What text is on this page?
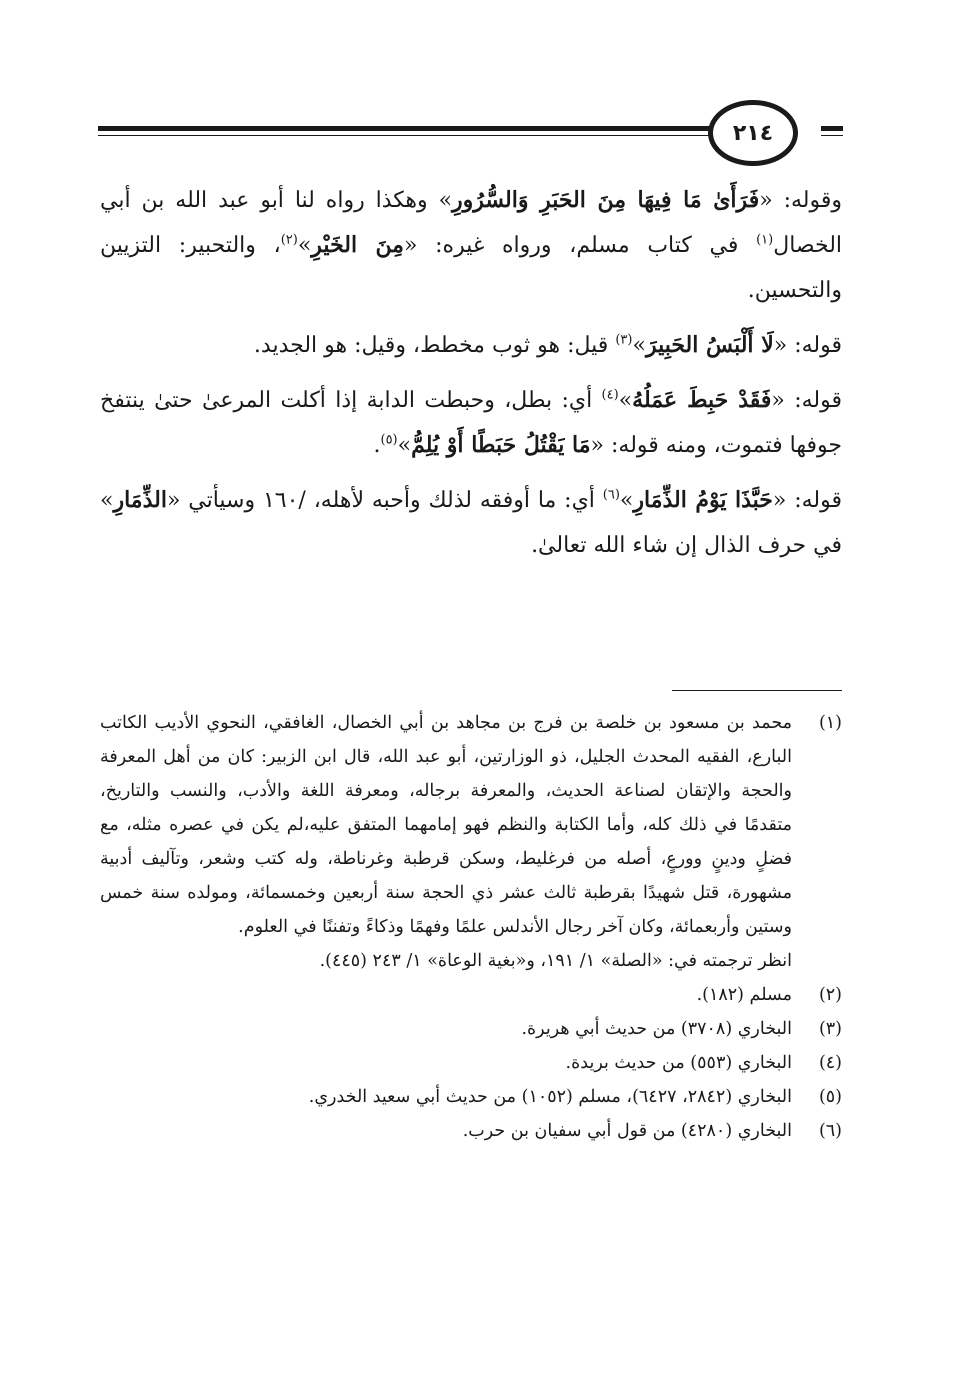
٢١٤

وقوله: «فَرَأَىٰ مَا فِيهَا مِنَ الحَبَرِ وَالسُّرُورِ» وهكذا رواه لنا أبو عبد الله بن أبي الخصال$^{(١)}$ في كتاب مسلم، ورواه غيره: «مِنَ الخَيْرِ»$^{(٢)}$، والتحبير: التزيين والتحسين.

قوله: «لَا أَلْبَسُ الحَبِيرَ»$^{(٣)}$ قيل: هو ثوب مخطط، وقيل: هو الجديد.

قوله: «فَقَدْ حَبِطَ عَمَلُهُ»$^{(٤)}$ أي: بطل، وحبطت الدابة إذا أكلت المرعىٰ حتىٰ ينتفخ جوفها فتموت، ومنه قوله: «مَا يَقْتُلُ حَبَطًا أَوْ يُلِمُّ»$^{(٥)}$.

قوله: «حَبَّذَا يَوْمُ الذِّمَارِ»$^{(٦)}$ أي: ما أوفقه لذلك وأحبه لأهله، ‎/١٦٠‎ وسيأتي «الذِّمَارِ» في حرف الذال إن شاء الله تعالىٰ.

(١)
محمد بن مسعود بن خلصة بن فرج بن مجاهد بن أبي الخصال، الغافقي، النحوي الأديب الكاتب البارع، الفقيه المحدث الجليل، ذو الوزارتين، أبو عبد الله، قال ابن الزبير: كان من أهل المعرفة والحجة والإتقان لصناعة الحديث، والمعرفة برجاله، ومعرفة اللغة والأدب، والنسب والتاريخ، متقدمًا في ذلك كله، وأما الكتابة والنظم فهو إمامهما المتفق عليه،لم يكن في عصره مثله، مع فضلٍ ودينٍ وورعٍ، أصله من فرغليط، وسكن قرطبة وغرناطة، وله كتب وشعر، وتآليف أدبية مشهورة، قتل شهيدًا بقرطبة ثالث عشر ذي الحجة سنة أربعين وخمسمائة، ومولده سنة خمس وستين وأربعمائة، وكان آخر رجال الأندلس علمًا وفهمًا وذكاءً وتفننًا في العلوم.
انظر ترجمته في: «الصلة» ١/ ١٩١، و«بغية الوعاة» ١/ ٢٤٣ (٤٤٥).
(٢)
مسلم (١٨٢).
(٣)
البخاري (٣٧٠٨) من حديث أبي هريرة.
(٤)
البخاري (٥٥٣) من حديث بريدة.
(٥)
البخاري (٢٨٤٢، ٦٤٢٧)، مسلم (١٠٥٢) من حديث أبي سعيد الخدري.
(٦)
البخاري (٤٢٨٠) من قول أبي سفيان بن حرب.
